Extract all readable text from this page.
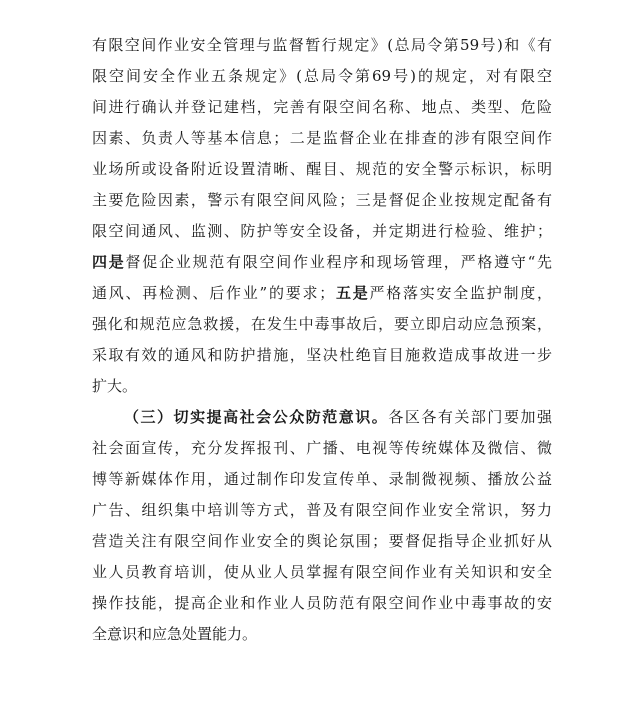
有限空间作业安全管理与监督暂行规定》(总局令第59号)和《有
限空间安全作业五条规定》(总局令第69号)的规定，对有限空
间进行确认并登记建档，完善有限空间名称、地点、类型、危险
因素、负责人等基本信息；二是监督企业在排查的涉有限空间作
业场所或设备附近设置清晰、醒目、规范的安全警示标识，标明
主要危险因素，警示有限空间风险；三是督促企业按规定配备有
限空间通风、监测、防护等安全设备，并定期进行检验、维护；
四是督促企业规范有限空间作业程序和现场管理，严格遵守“先
通风、再检测、后作业”的要求；五是严格落实安全监护制度，
强化和规范应急救援，在发生中毒事故后，要立即启动应急预案，
采取有效的通风和防护措施，坚决杜绝盲目施救造成事故进一步
扩大。
（三）切实提高社会公众防范意识。各区各有关部门要加强
社会面宣传，充分发挥报刊、广播、电视等传统媒体及微信、微
博等新媒体作用，通过制作印发宣传单、录制微视频、播放公益
广告、组织集中培训等方式，普及有限空间作业安全常识，努力
营造关注有限空间作业安全的舆论氛围；要督促指导企业抓好从
业人员教育培训，使从业人员掌握有限空间作业有关知识和安全
操作技能，提高企业和作业人员防范有限空间作业中毒事故的安
全意识和应急处置能力。
